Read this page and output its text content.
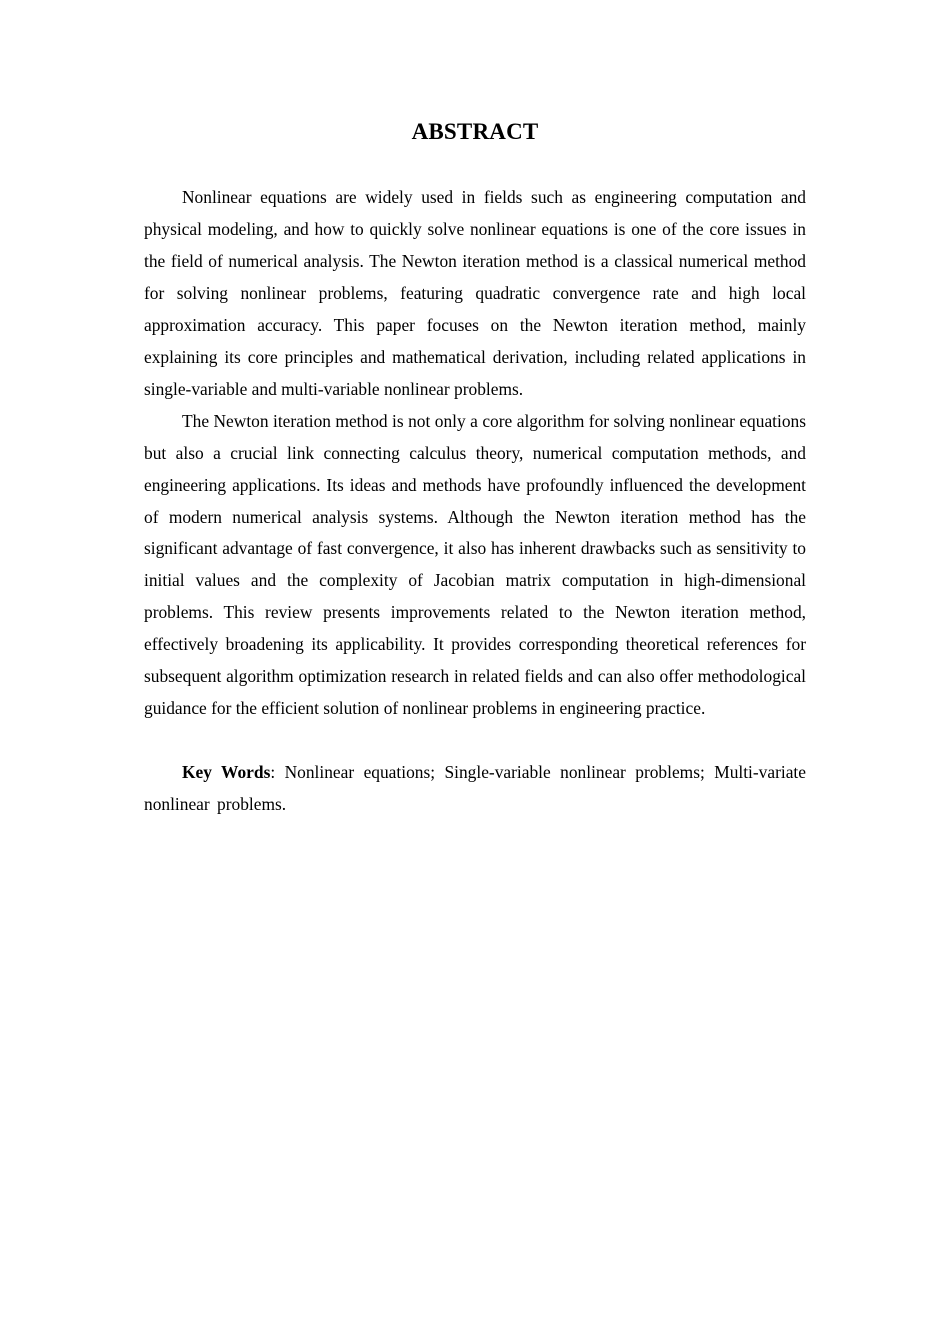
ABSTRACT

Nonlinear equations are widely used in fields such as engineering computation and physical modeling, and how to quickly solve nonlinear equations is one of the core issues in the field of numerical analysis. The Newton iteration method is a classical numerical method for solving nonlinear problems, featuring quadratic convergence rate and high local approximation accuracy. This paper focuses on the Newton iteration method, mainly explaining its core principles and mathematical derivation, including related applications in single-variable and multi-variable nonlinear problems.

The Newton iteration method is not only a core algorithm for solving nonlinear equations but also a crucial link connecting calculus theory, numerical computation methods, and engineering applications. Its ideas and methods have profoundly influenced the development of modern numerical analysis systems. Although the Newton iteration method has the significant advantage of fast convergence, it also has inherent drawbacks such as sensitivity to initial values and the complexity of Jacobian matrix computation in high-dimensional problems. This review presents improvements related to the Newton iteration method, effectively broadening its applicability. It provides corresponding theoretical references for subsequent algorithm optimization research in related fields and can also offer methodological guidance for the efficient solution of nonlinear problems in engineering practice.

Key Words: Nonlinear equations; Single-variable nonlinear problems; Multi-variate nonlinear problems.
